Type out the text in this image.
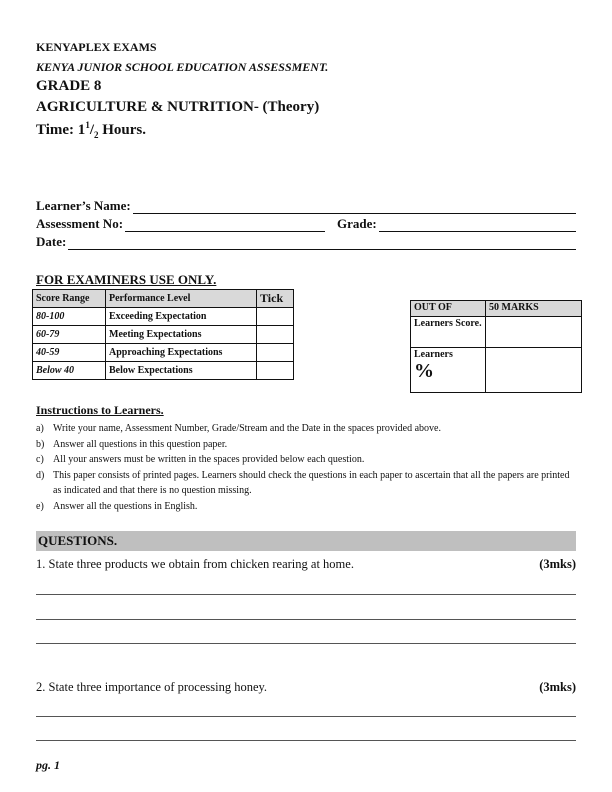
KENYAPLEX EXAMS
KENYA JUNIOR SCHOOL EDUCATION ASSESSMENT.
GRADE 8
AGRICULTURE & NUTRITION- (Theory)
Time: $1^1/_2$ Hours.
Learner’s Name:
Assessment No:	Grade:
Date:
FOR EXAMINERS USE ONLY.
Score Range	Performance Level	Tick
80-100	Exceeding Expectation	
60-79	Meeting Expectations	
40-59	Approaching Expectations	
Below 40	Below Expectations	
OUT OF	50 MARKS
Learners Score.	
Learners
%	

Instructions to Learners.
a) Write your name, Assessment Number, Grade/Stream and the Date in the spaces provided above.
b) Answer all questions in this question paper.
c) All your answers must be written in the spaces provided below each question.
d) This paper consists of printed pages. Learners should check the questions in each paper to ascertain that all the papers are printed as indicated and that there is no question missing.
e) Answer all the questions in English.
QUESTIONS.
1. State three products we obtain from chicken rearing at home.	(3mks)
2. State three importance of processing honey.	(3mks)
pg. 1
